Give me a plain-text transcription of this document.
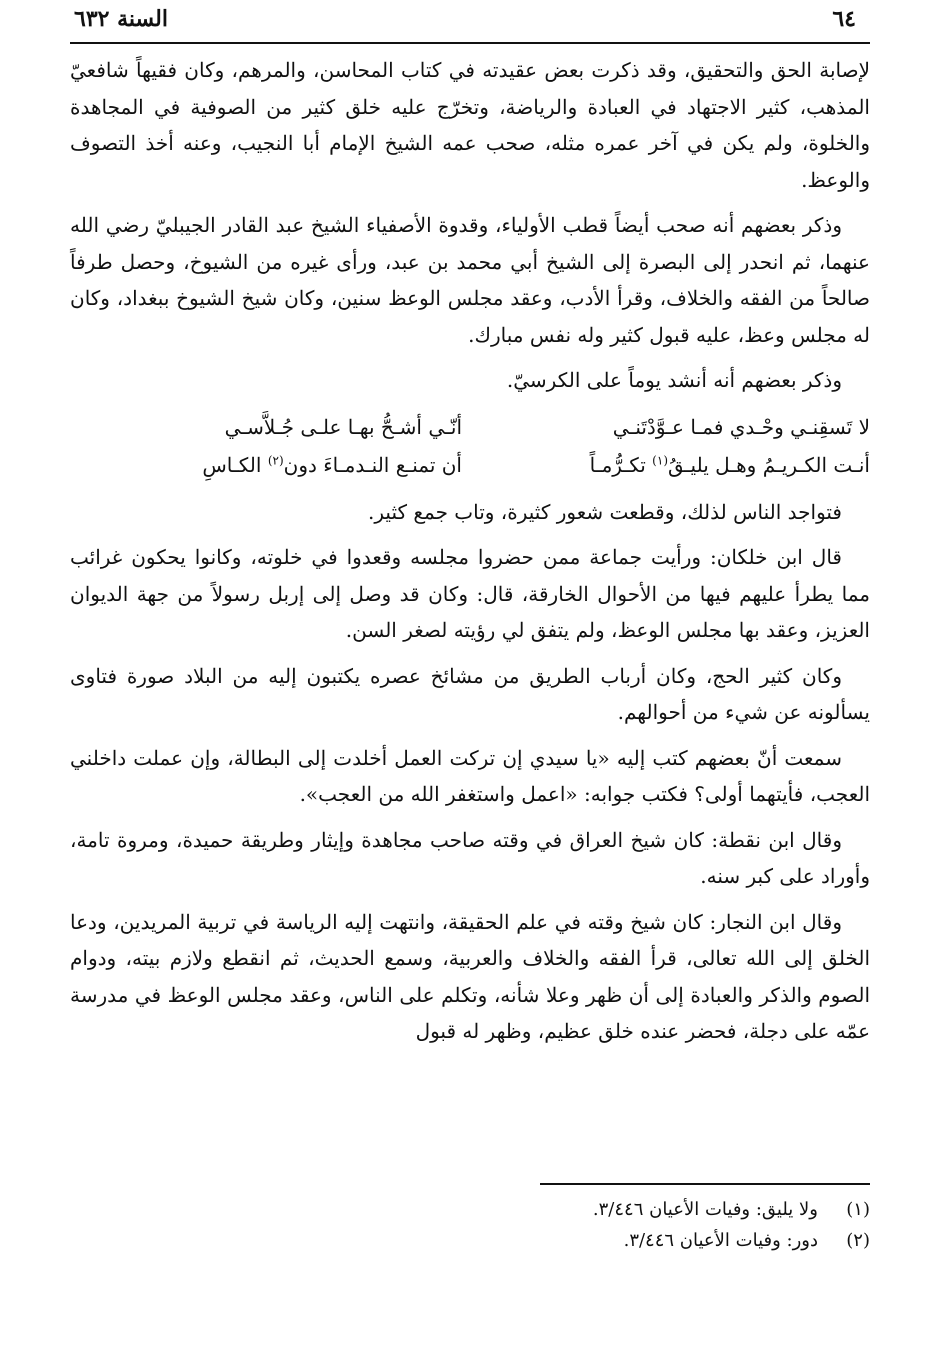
٦٤
السنة ٦٣٢

لإصابة الحق والتحقيق، وقد ذكرت بعض عقيدته في كتاب المحاسن، والمرهم، وكان فقيهاً شافعيّ المذهب، كثير الاجتهاد في العبادة والرياضة، وتخرّج عليه خلق كثير من الصوفية في المجاهدة والخلوة، ولم يكن في آخر عمره مثله، صحب عمه الشيخ الإمام أبا النجيب، وعنه أخذ التصوف والوعظ.

وذكر بعضهم أنه صحب أيضاً قطب الأولياء، وقدوة الأصفياء الشيخ عبد القادر الجيبليّ رضي الله عنهما، ثم انحدر إلى البصرة إلى الشيخ أبي محمد بن عبد، ورأى غيره من الشيوخ، وحصل طرفاً صالحاً من الفقه والخلاف، وقرأ الأدب، وعقد مجلس الوعظ سنين، وكان شيخ الشيوخ ببغداد، وكان له مجلس وعظ، عليه قبول كثير وله نفس مبارك.

وذكر بعضهم أنه أنشد يوماً على الكرسيّ.

لا تَسقِنـي وحْـدي فمـا عـوَّدْتَنـي
أنّـي أشـحُّ بهـا علـى جُـلاَّسـي
أنـت الكـريـمُ وهـل يليـقُ$^{(١)}$ تكـرُّمـاً
أن تمنـع النـدمـاءَ دون$^{(٢)}$ الكـاسِ

فتواجد الناس لذلك، وقطعت شعور كثيرة، وتاب جمع كثير.

قال ابن خلكان: ورأيت جماعة ممن حضروا مجلسه وقعدوا في خلوته، وكانوا يحكون غرائب مما يطرأ عليهم فيها من الأحوال الخارقة، قال: وكان قد وصل إلى إربل رسولاً من جهة الديوان العزيز، وعقد بها مجلس الوعظ، ولم يتفق لي رؤيته لصغر السن.

وكان كثير الحج، وكان أرباب الطريق من مشائخ عصره يكتبون إليه من البلاد صورة فتاوى يسألونه عن شيء من أحوالهم.

سمعت أنّ بعضهم كتب إليه «يا سيدي إن تركت العمل أخلدت إلى البطالة، وإن عملت داخلني العجب، فأيتهما أولى؟ فكتب جوابه: «اعمل واستغفر الله من العجب».

وقال ابن نقطة: كان شيخ العراق في وقته صاحب مجاهدة وإيثار وطريقة حميدة، ومروة تامة، وأوراد على كبر سنه.

وقال ابن النجار: كان شيخ وقته في علم الحقيقة، وانتهت إليه الرياسة في تربية المريدين، ودعا الخلق إلى الله تعالى، قرأ الفقه والخلاف والعربية، وسمع الحديث، ثم انقطع ولازم بيته، ودوام الصوم والذكر والعبادة إلى أن ظهر وعلا شأنه، وتكلم على الناس، وعقد مجلس الوعظ في مدرسة عمّه على دجلة، فحضر عنده خلق عظيم، وظهر له قبول

(١)
ولا يليق: وفيات الأعيان ٣/٤٤٦.
(٢)
دور: وفيات الأعيان ٣/٤٤٦.
